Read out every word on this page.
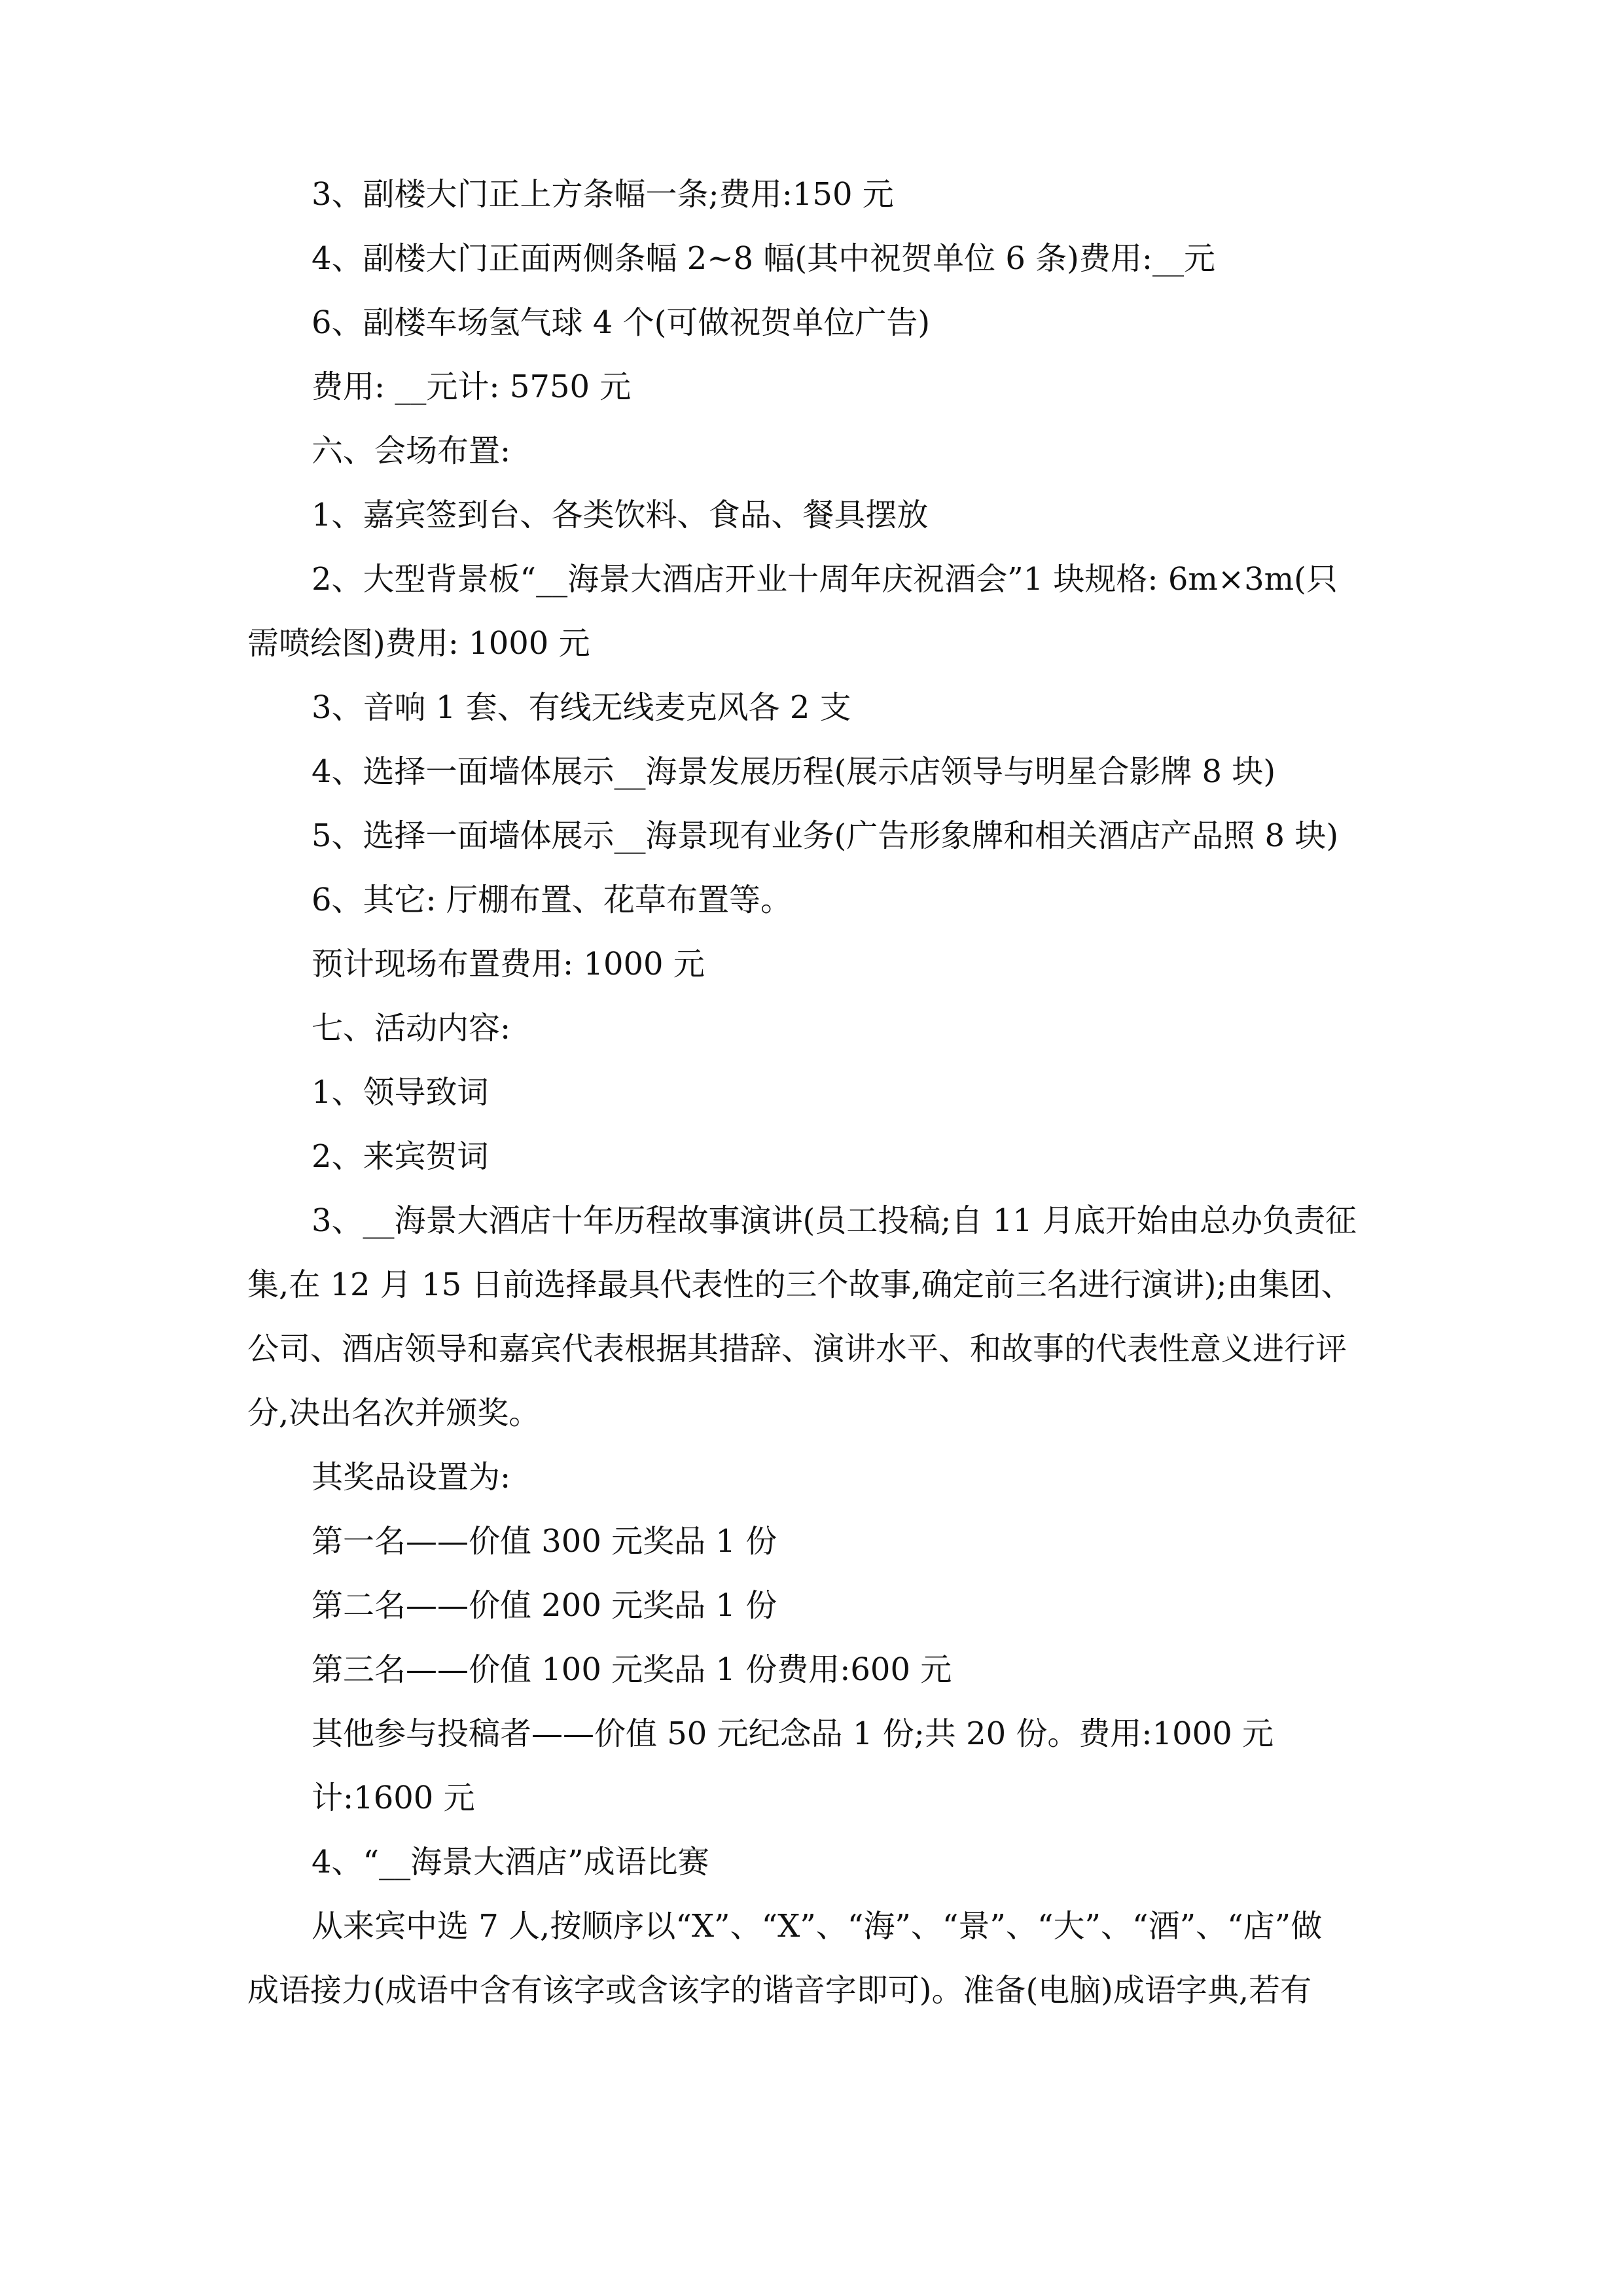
3、副楼大门正上方条幅一条;费用:150 元
4、副楼大门正面两侧条幅 2~8 幅(其中祝贺单位 6 条)费用:__元
6、副楼车场氢气球 4 个(可做祝贺单位广告)
费用: __元计: 5750 元
六、会场布置:
1、嘉宾签到台、各类饮料、食品、餐具摆放
2、大型背景板“__海景大酒店开业十周年庆祝酒会”1 块规格: 6m×3m(只
需喷绘图)费用: 1000 元
3、音响 1 套、有线无线麦克风各 2 支
4、选择一面墙体展示__海景发展历程(展示店领导与明星合影牌 8 块)
5、选择一面墙体展示__海景现有业务(广告形象牌和相关酒店产品照 8 块)
6、其它: 厅棚布置、花草布置等。
预计现场布置费用: 1000 元
七、活动内容:
1、领导致词
2、来宾贺词
3、__海景大酒店十年历程故事演讲(员工投稿;自 11 月底开始由总办负责征
集,在 12 月 15 日前选择最具代表性的三个故事,确定前三名进行演讲);由集团、
公司、酒店领导和嘉宾代表根据其措辞、演讲水平、和故事的代表性意义进行评
分,决出名次并颁奖。
其奖品设置为:
第一名——价值 300 元奖品 1 份
第二名——价值 200 元奖品 1 份
第三名——价值 100 元奖品 1 份费用:600 元
其他参与投稿者——价值 50 元纪念品 1 份;共 20 份。费用:1000 元
计:1600 元
4、“__海景大酒店”成语比赛
从来宾中选 7 人,按顺序以“X”、“X”、“海”、“景”、“大”、“酒”、“店”做
成语接力(成语中含有该字或含该字的谐音字即可)。准备(电脑)成语字典,若有
